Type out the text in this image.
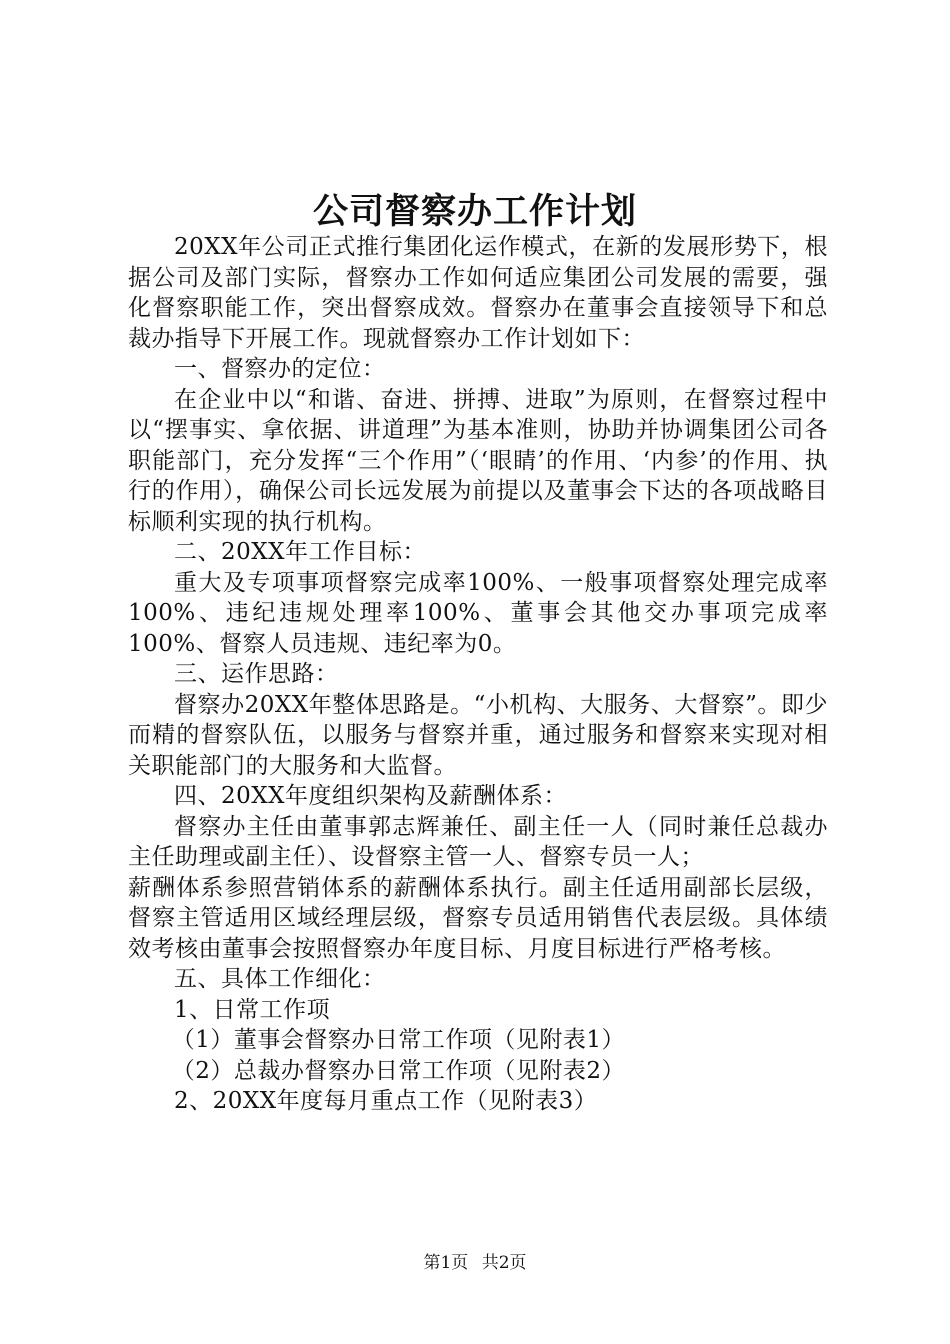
公司督察办工作计划

20XX年公司正式推行集团化运作模式，在新的发展形势下，根据公司及部门实际，督察办工作如何适应集团公司发展的需要，强化督察职能工作，突出督察成效。督察办在董事会直接领导下和总裁办指导下开展工作。现就督察办工作计划如下：

一、督察办的定位：

在企业中以“和谐、奋进、拼搏、进取”为原则，在督察过程中以“摆事实、拿依据、讲道理”为基本准则，协助并协调集团公司各职能部门，充分发挥“三个作用”（‘眼睛’的作用、‘内参’的作用、执行的作用），确保公司长远发展为前提以及董事会下达的各项战略目标顺利实现的执行机构。

二、20XX年工作目标：

重大及专项事项督察完成率100%、一般事项督察处理完成率100%、违纪违规处理率100%、董事会其他交办事项完成率100%、督察人员违规、违纪率为0。

三、运作思路：

督察办20XX年整体思路是。“小机构、大服务、大督察”。即少而精的督察队伍，以服务与督察并重，通过服务和督察来实现对相关职能部门的大服务和大监督。

四、20XX年度组织架构及薪酬体系：

督察办主任由董事郭志辉兼任、副主任一人（同时兼任总裁办主任助理或副主任）、设督察主管一人、督察专员一人；

薪酬体系参照营销体系的薪酬体系执行。副主任适用副部长层级，督察主管适用区域经理层级，督察专员适用销售代表层级。具体绩效考核由董事会按照督察办年度目标、月度目标进行严格考核。

五、具体工作细化：

1、日常工作项

（1）董事会督察办日常工作项（见附表1）

（2）总裁办督察办日常工作项（见附表2）

2、20XX年度每月重点工作（见附表3）

第1页 共2页
